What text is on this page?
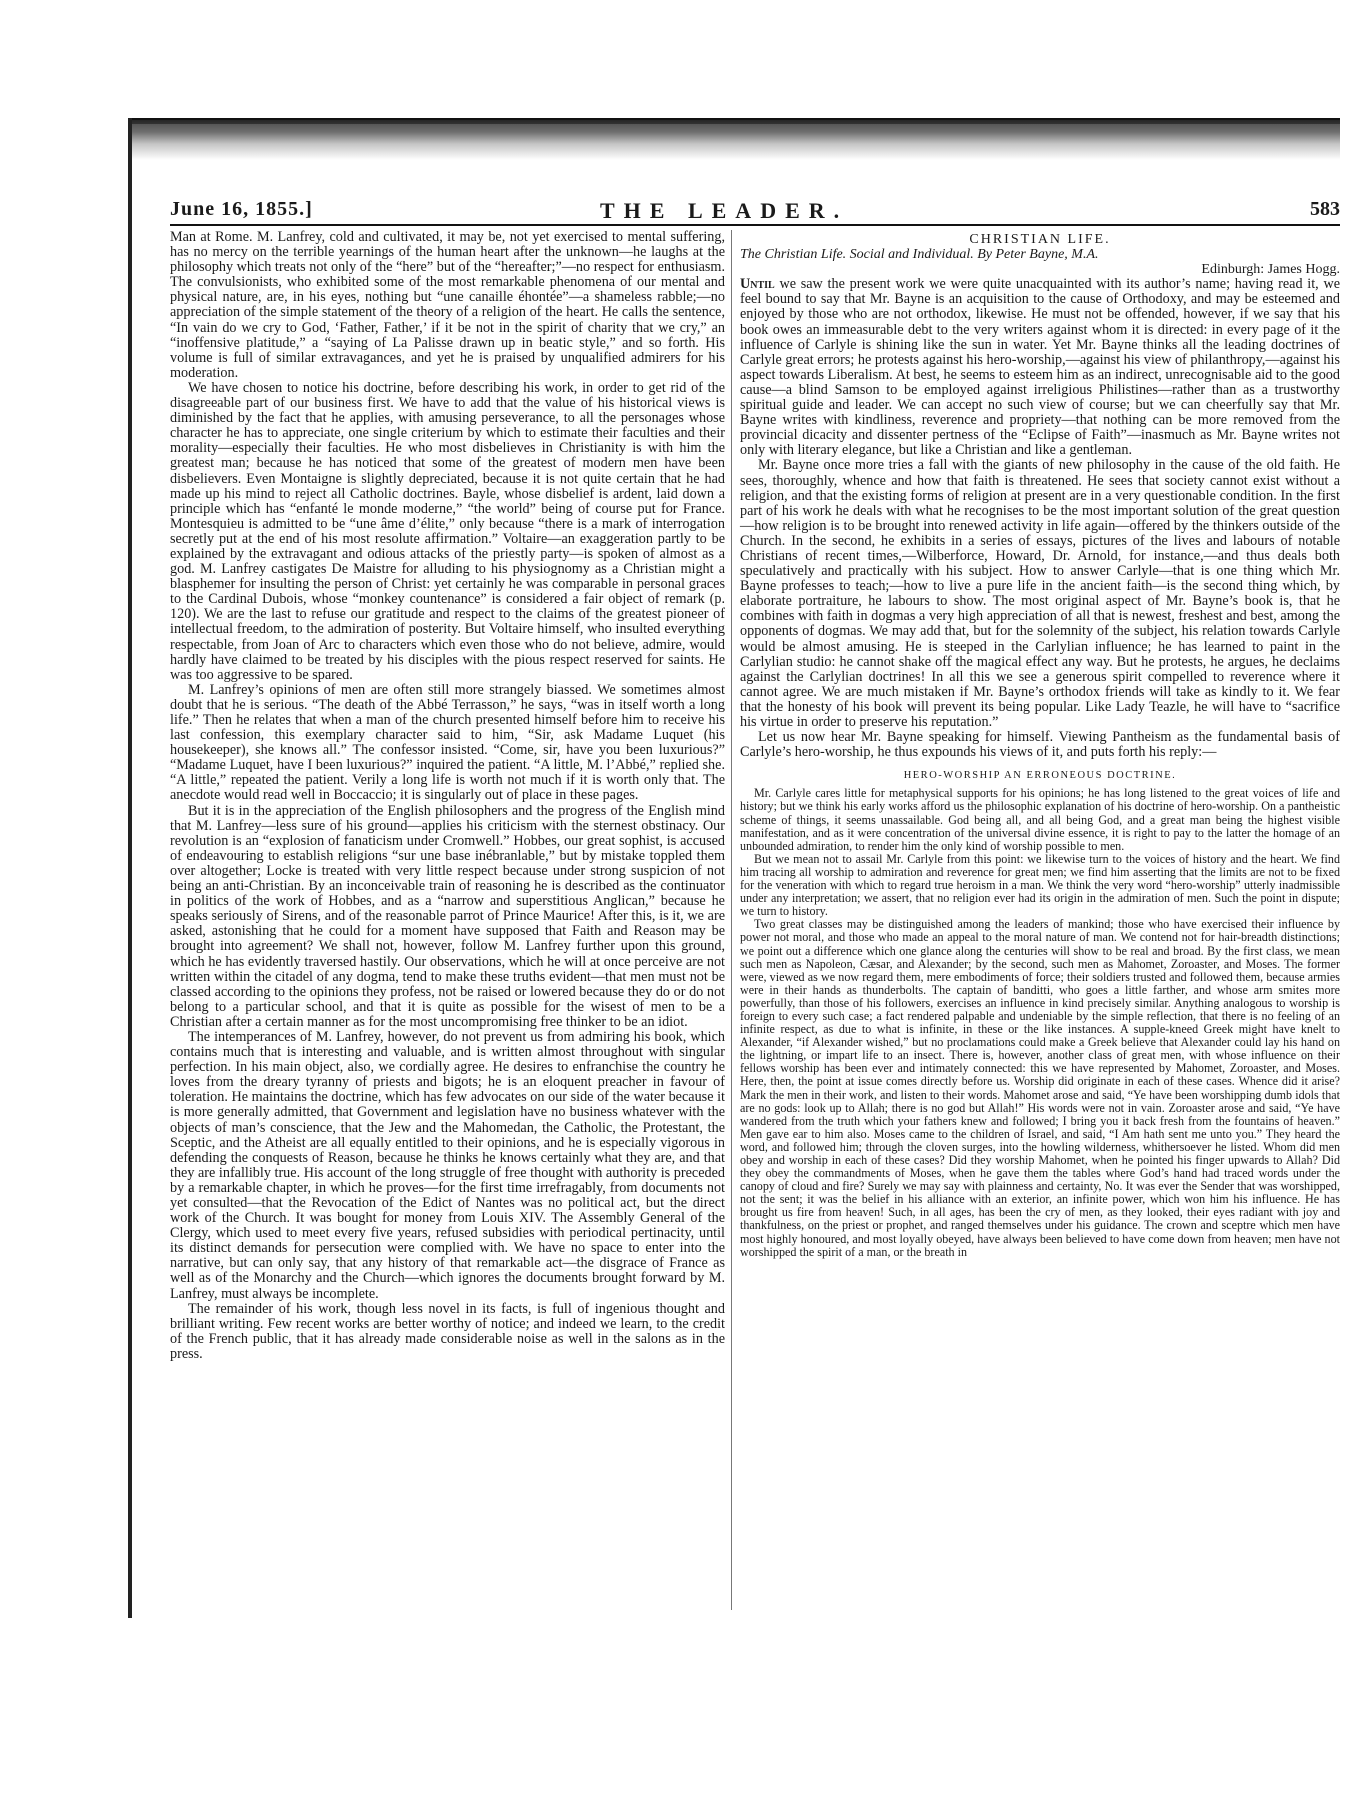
June 16, 1855.]	THE LEADER.	583

Man at Rome. M. Lanfrey, cold and cultivated, it may be, not yet exercised to mental suffering, has no mercy on the terrible yearnings of the human heart after the unknown—he laughs at the philosophy which treats not only of the “here” but of the “hereafter;”—no respect for enthusiasm. The convulsionists, who exhibited some of the most remarkable phenomena of our mental and physical nature, are, in his eyes, nothing but “une canaille éhontée”—a shameless rabble;—no appreciation of the simple statement of the theory of a religion of the heart. He calls the sentence, “In vain do we cry to God, ‘Father, Father,’ if it be not in the spirit of charity that we cry,” an “inoffensive platitude,” a “saying of La Palisse drawn up in beatic style,” and so forth. His volume is full of similar extravagances, and yet he is praised by unqualified admirers for his moderation.

We have chosen to notice his doctrine, before describing his work, in order to get rid of the disagreeable part of our business first. We have to add that the value of his historical views is diminished by the fact that he applies, with amusing perseverance, to all the personages whose character he has to appreciate, one single criterium by which to estimate their faculties and their morality—especially their faculties. He who most disbelieves in Christianity is with him the greatest man; because he has noticed that some of the greatest of modern men have been disbelievers. Even Montaigne is slightly depreciated, because it is not quite certain that he had made up his mind to reject all Catholic doctrines. Bayle, whose disbelief is ardent, laid down a principle which has “enfanté le monde moderne,” “the world” being of course put for France. Montesquieu is admitted to be “une âme d’élite,” only because “there is a mark of interrogation secretly put at the end of his most resolute affirmation.” Voltaire—an exaggeration partly to be explained by the extravagant and odious attacks of the priestly party—is spoken of almost as a god. M. Lanfrey castigates De Maistre for alluding to his physiognomy as a Christian might a blasphemer for insulting the person of Christ: yet certainly he was comparable in personal graces to the Cardinal Dubois, whose “monkey countenance” is considered a fair object of remark (p. 120). We are the last to refuse our gratitude and respect to the claims of the greatest pioneer of intellectual freedom, to the admiration of posterity. But Voltaire himself, who insulted everything respectable, from Joan of Arc to characters which even those who do not believe, admire, would hardly have claimed to be treated by his disciples with the pious respect reserved for saints. He was too aggressive to be spared.

M. Lanfrey’s opinions of men are often still more strangely biassed. We sometimes almost doubt that he is serious. “The death of the Abbé Terrasson,” he says, “was in itself worth a long life.” Then he relates that when a man of the church presented himself before him to receive his last confession, this exemplary character said to him, “Sir, ask Madame Luquet (his housekeeper), she knows all.” The confessor insisted. “Come, sir, have you been luxurious?” “Madame Luquet, have I been luxurious?” inquired the patient. “A little, M. l’Abbé,” replied she. “A little,” repeated the patient. Verily a long life is worth not much if it is worth only that. The anecdote would read well in Boccaccio; it is singularly out of place in these pages.

But it is in the appreciation of the English philosophers and the progress of the English mind that M. Lanfrey—less sure of his ground—applies his criticism with the sternest obstinacy. Our revolution is an “explosion of fanaticism under Cromwell.” Hobbes, our great sophist, is accused of endeavouring to establish religions “sur une base inébranlable,” but by mistake toppled them over altogether; Locke is treated with very little respect because under strong suspicion of not being an anti-Christian. By an inconceivable train of reasoning he is described as the continuator in politics of the work of Hobbes, and as a “narrow and superstitious Anglican,” because he speaks seriously of Sirens, and of the reasonable parrot of Prince Maurice! After this, is it, we are asked, astonishing that he could for a moment have supposed that Faith and Reason may be brought into agreement? We shall not, however, follow M. Lanfrey further upon this ground, which he has evidently traversed hastily. Our observations, which he will at once perceive are not written within the citadel of any dogma, tend to make these truths evident—that men must not be classed according to the opinions they profess, not be raised or lowered because they do or do not belong to a particular school, and that it is quite as possible for the wisest of men to be a Christian after a certain manner as for the most uncompromising free thinker to be an idiot.

The intemperances of M. Lanfrey, however, do not prevent us from admiring his book, which contains much that is interesting and valuable, and is written almost throughout with singular perfection. In his main object, also, we cordially agree. He desires to enfranchise the country he loves from the dreary tyranny of priests and bigots; he is an eloquent preacher in favour of toleration. He maintains the doctrine, which has few advocates on our side of the water because it is more generally admitted, that Government and legislation have no business whatever with the objects of man’s conscience, that the Jew and the Mahomedan, the Catholic, the Protestant, the Sceptic, and the Atheist are all equally entitled to their opinions, and he is especially vigorous in defending the conquests of Reason, because he thinks he knows certainly what they are, and that they are infallibly true. His account of the long struggle of free thought with authority is preceded by a remarkable chapter, in which he proves—for the first time irrefragably, from documents not yet consulted—that the Revocation of the Edict of Nantes was no political act, but the direct work of the Church. It was bought for money from Louis XIV. The Assembly General of the Clergy, which used to meet every five years, refused subsidies with periodical pertinacity, until its distinct demands for persecution were complied with. We have no space to enter into the narrative, but can only say, that any history of that remarkable act—the disgrace of France as well as of the Monarchy and the Church—which ignores the documents brought forward by M. Lanfrey, must always be incomplete.

The remainder of his work, though less novel in its facts, is full of ingenious thought and brilliant writing. Few recent works are better worthy of notice; and indeed we learn, to the credit of the French public, that it has already made considerable noise as well in the salons as in the press.

CHRISTIAN LIFE.
The Christian Life. Social and Individual. By Peter Bayne, M.A.
Edinburgh: James Hogg.

Until we saw the present work we were quite unacquainted with its author’s name; having read it, we feel bound to say that Mr. Bayne is an acquisition to the cause of Orthodoxy, and may be esteemed and enjoyed by those who are not orthodox, likewise. He must not be offended, however, if we say that his book owes an immeasurable debt to the very writers against whom it is directed: in every page of it the influence of Carlyle is shining like the sun in water. Yet Mr. Bayne thinks all the leading doctrines of Carlyle great errors; he protests against his hero-worship,—against his view of philanthropy,—against his aspect towards Liberalism. At best, he seems to esteem him as an indirect, unrecognisable aid to the good cause—a blind Samson to be employed against irreligious Philistines—rather than as a trustworthy spiritual guide and leader. We can accept no such view of course; but we can cheerfully say that Mr. Bayne writes with kindliness, reverence and propriety—that nothing can be more removed from the provincial dicacity and dissenter pertness of the “Eclipse of Faith”—inasmuch as Mr. Bayne writes not only with literary elegance, but like a Christian and like a gentleman.

Mr. Bayne once more tries a fall with the giants of new philosophy in the cause of the old faith. He sees, thoroughly, whence and how that faith is threatened. He sees that society cannot exist without a religion, and that the existing forms of religion at present are in a very questionable condition. In the first part of his work he deals with what he recognises to be the most important solution of the great question—how religion is to be brought into renewed activity in life again—offered by the thinkers outside of the Church. In the second, he exhibits in a series of essays, pictures of the lives and labours of notable Christians of recent times,—Wilberforce, Howard, Dr. Arnold, for instance,—and thus deals both speculatively and practically with his subject. How to answer Carlyle—that is one thing which Mr. Bayne professes to teach;—how to live a pure life in the ancient faith—is the second thing which, by elaborate portraiture, he labours to show. The most original aspect of Mr. Bayne’s book is, that he combines with faith in dogmas a very high appreciation of all that is newest, freshest and best, among the opponents of dogmas. We may add that, but for the solemnity of the subject, his relation towards Carlyle would be almost amusing. He is steeped in the Carlylian influence; he has learned to paint in the Carlylian studio: he cannot shake off the magical effect any way. But he protests, he argues, he declaims against the Carlylian doctrines! In all this we see a generous spirit compelled to reverence where it cannot agree. We are much mistaken if Mr. Bayne’s orthodox friends will take as kindly to it. We fear that the honesty of his book will prevent its being popular. Like Lady Teazle, he will have to “sacrifice his virtue in order to preserve his reputation.”

Let us now hear Mr. Bayne speaking for himself. Viewing Pantheism as the fundamental basis of Carlyle’s hero-worship, he thus expounds his views of it, and puts forth his reply:—

HERO-WORSHIP AN ERRONEOUS DOCTRINE.

Mr. Carlyle cares little for metaphysical supports for his opinions; he has long listened to the great voices of life and history; but we think his early works afford us the philosophic explanation of his doctrine of hero-worship. On a pantheistic scheme of things, it seems unassailable. God being all, and all being God, and a great man being the highest visible manifestation, and as it were concentration of the universal divine essence, it is right to pay to the latter the homage of an unbounded admiration, to render him the only kind of worship possible to men.

But we mean not to assail Mr. Carlyle from this point: we likewise turn to the voices of history and the heart. We find him tracing all worship to admiration and reverence for great men; we find him asserting that the limits are not to be fixed for the veneration with which to regard true heroism in a man. We think the very word “hero-worship” utterly inadmissible under any interpretation; we assert, that no religion ever had its origin in the admiration of men. Such the point in dispute; we turn to history.

Two great classes may be distinguished among the leaders of mankind; those who have exercised their influence by power not moral, and those who made an appeal to the moral nature of man. We contend not for hair-breadth distinctions; we point out a difference which one glance along the centuries will show to be real and broad. By the first class, we mean such men as Napoleon, Cæsar, and Alexander; by the second, such men as Mahomet, Zoroaster, and Moses. The former were, viewed as we now regard them, mere embodiments of force; their soldiers trusted and followed them, because armies were in their hands as thunderbolts. The captain of banditti, who goes a little farther, and whose arm smites more powerfully, than those of his followers, exercises an influence in kind precisely similar. Anything analogous to worship is foreign to every such case; a fact rendered palpable and undeniable by the simple reflection, that there is no feeling of an infinite respect, as due to what is infinite, in these or the like instances. A supple-kneed Greek might have knelt to Alexander, “if Alexander wished,” but no proclamations could make a Greek believe that Alexander could lay his hand on the lightning, or impart life to an insect. There is, however, another class of great men, with whose influence on their fellows worship has been ever and intimately connected: this we have represented by Mahomet, Zoroaster, and Moses. Here, then, the point at issue comes directly before us. Worship did originate in each of these cases. Whence did it arise? Mark the men in their work, and listen to their words. Mahomet arose and said, “Ye have been worshipping dumb idols that are no gods: look up to Allah; there is no god but Allah!” His words were not in vain. Zoroaster arose and said, “Ye have wandered from the truth which your fathers knew and followed; I bring you it back fresh from the fountains of heaven.” Men gave ear to him also. Moses came to the children of Israel, and said, “I Am hath sent me unto you.” They heard the word, and followed him; through the cloven surges, into the howling wilderness, whithersoever he listed. Whom did men obey and worship in each of these cases? Did they worship Mahomet, when he pointed his finger upwards to Allah? Did they obey the commandments of Moses, when he gave them the tables where God’s hand had traced words under the canopy of cloud and fire? Surely we may say with plainness and certainty, No. It was ever the Sender that was worshipped, not the sent; it was the belief in his alliance with an exterior, an infinite power, which won him his influence. He has brought us fire from heaven! Such, in all ages, has been the cry of men, as they looked, their eyes radiant with joy and thankfulness, on the priest or prophet, and ranged themselves under his guidance. The crown and sceptre which men have most highly honoured, and most loyally obeyed, have always been believed to have come down from heaven; men have not worshipped the spirit of a man, or the breath in
